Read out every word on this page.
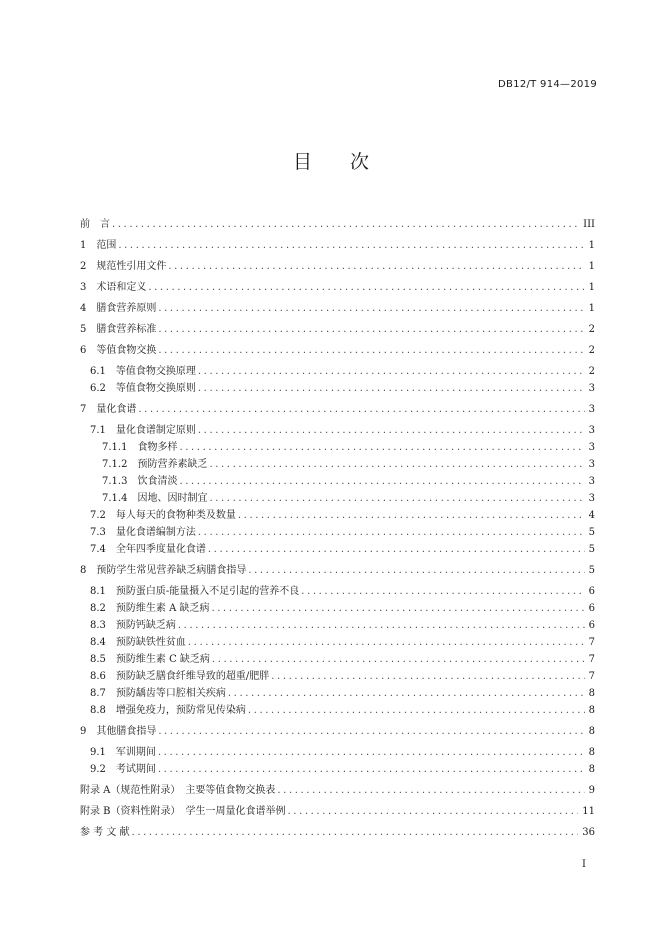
DB12/T 914—2019
目 次
前　言 .....	III
1　范围 .....	1
2　规范性引用文件 .....	1
3　术语和定义 .....	1
4　膳食营养原则 .....	1
5　膳食营养标准 .....	2
6　等值食物交换 .....	2
6.1　等值食物交换原理 .....	2
6.2　等值食物交换原则 .....	3
7　量化食谱 .....	3
7.1　量化食谱制定原则 .....	3
7.1.1　食物多样 .....	3
7.1.2　预防营养素缺乏 .....	3
7.1.3　饮食清淡 .....	3
7.1.4　因地、因时制宜 .....	3
7.2　每人每天的食物种类及数量 .....	4
7.3　量化食谱编制方法 .....	5
7.4　全年四季度量化食谱 .....	5
8　预防学生常见营养缺乏病膳食指导 .....	5
8.1　预防蛋白质-能量摄入不足引起的营养不良 .....	6
8.2　预防维生素 A 缺乏病 .....	6
8.3　预防钙缺乏病 .....	6
8.4　预防缺铁性贫血 .....	7
8.5　预防维生素 C 缺乏病 .....	7
8.6　预防缺乏膳食纤维导致的超重/肥胖 .....	7
8.7　预防龋齿等口腔相关疾病 .....	8
8.8　增强免疫力，预防常见传染病 .....	8
9　其他膳食指导 .....	8
9.1　军训期间 .....	8
9.2　考试期间 .....	8
附录 A（规范性附录）　主要等值食物交换表 .....	9
附录 B（资料性附录）　学生一周量化食谱举例 .....	11
参 考 文 献 .....	36
I
